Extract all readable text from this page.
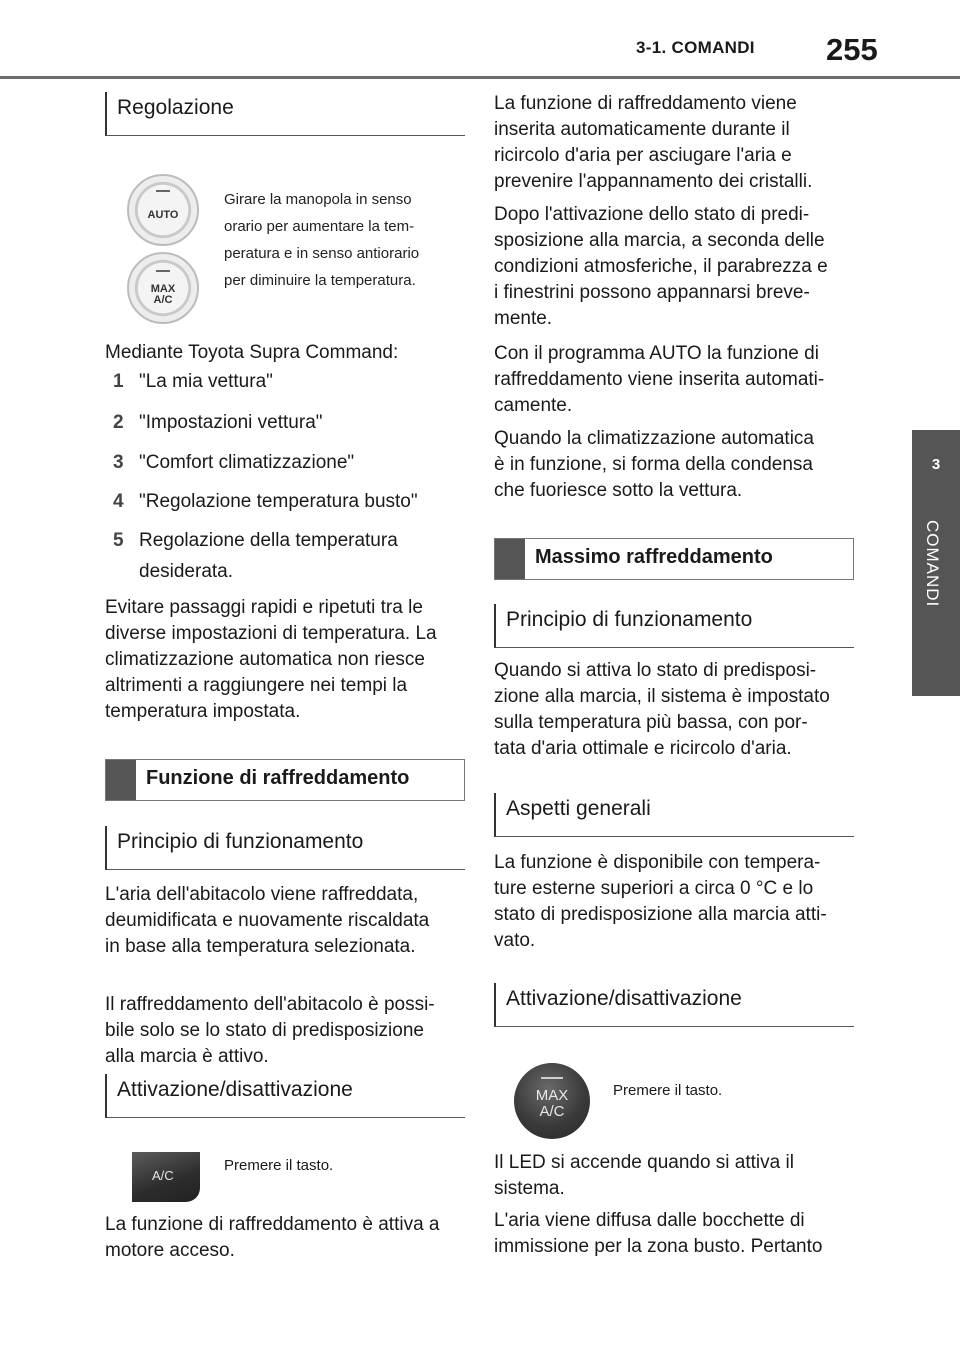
3-1. COMANDI 255
3
COMANDI
Regolazione
AUTO
MAX
A/C
Girare la manopola in senso
orario per aumentare la tem-
peratura e in senso antiorario
per diminuire la temperatura.
Mediante Toyota Supra Command:
1 "La mia vettura"
2 "Impostazioni vettura"
3 "Comfort climatizzazione"
4 "Regolazione temperatura busto"
5 Regolazione della temperatura
desiderata.
Evitare passaggi rapidi e ripetuti tra le
diverse impostazioni di temperatura. La
climatizzazione automatica non riesce
altrimenti a raggiungere nei tempi la
temperatura impostata.
Funzione di raffreddamento
Principio di funzionamento
L'aria dell'abitacolo viene raffreddata,
deumidificata e nuovamente riscaldata
in base alla temperatura selezionata.
Il raffreddamento dell'abitacolo è possi-
bile solo se lo stato di predisposizione
alla marcia è attivo.
Attivazione/disattivazione
A/C
Premere il tasto.
La funzione di raffreddamento è attiva a
motore acceso.
La funzione di raffreddamento viene
inserita automaticamente durante il
ricircolo d'aria per asciugare l'aria e
prevenire l'appannamento dei cristalli.
Dopo l'attivazione dello stato di predi-
sposizione alla marcia, a seconda delle
condizioni atmosferiche, il parabrezza e
i finestrini possono appannarsi breve-
mente.
Con il programma AUTO la funzione di
raffreddamento viene inserita automati-
camente.
Quando la climatizzazione automatica
è in funzione, si forma della condensa
che fuoriesce sotto la vettura.
Massimo raffreddamento
Principio di funzionamento
Quando si attiva lo stato di predisposi-
zione alla marcia, il sistema è impostato
sulla temperatura più bassa, con por-
tata d'aria ottimale e ricircolo d'aria.
Aspetti generali
La funzione è disponibile con tempera-
ture esterne superiori a circa 0 °C e lo
stato di predisposizione alla marcia atti-
vato.
Attivazione/disattivazione
MAX
A/C
Premere il tasto.
Il LED si accende quando si attiva il
sistema.
L'aria viene diffusa dalle bocchette di
immissione per la zona busto. Pertanto
